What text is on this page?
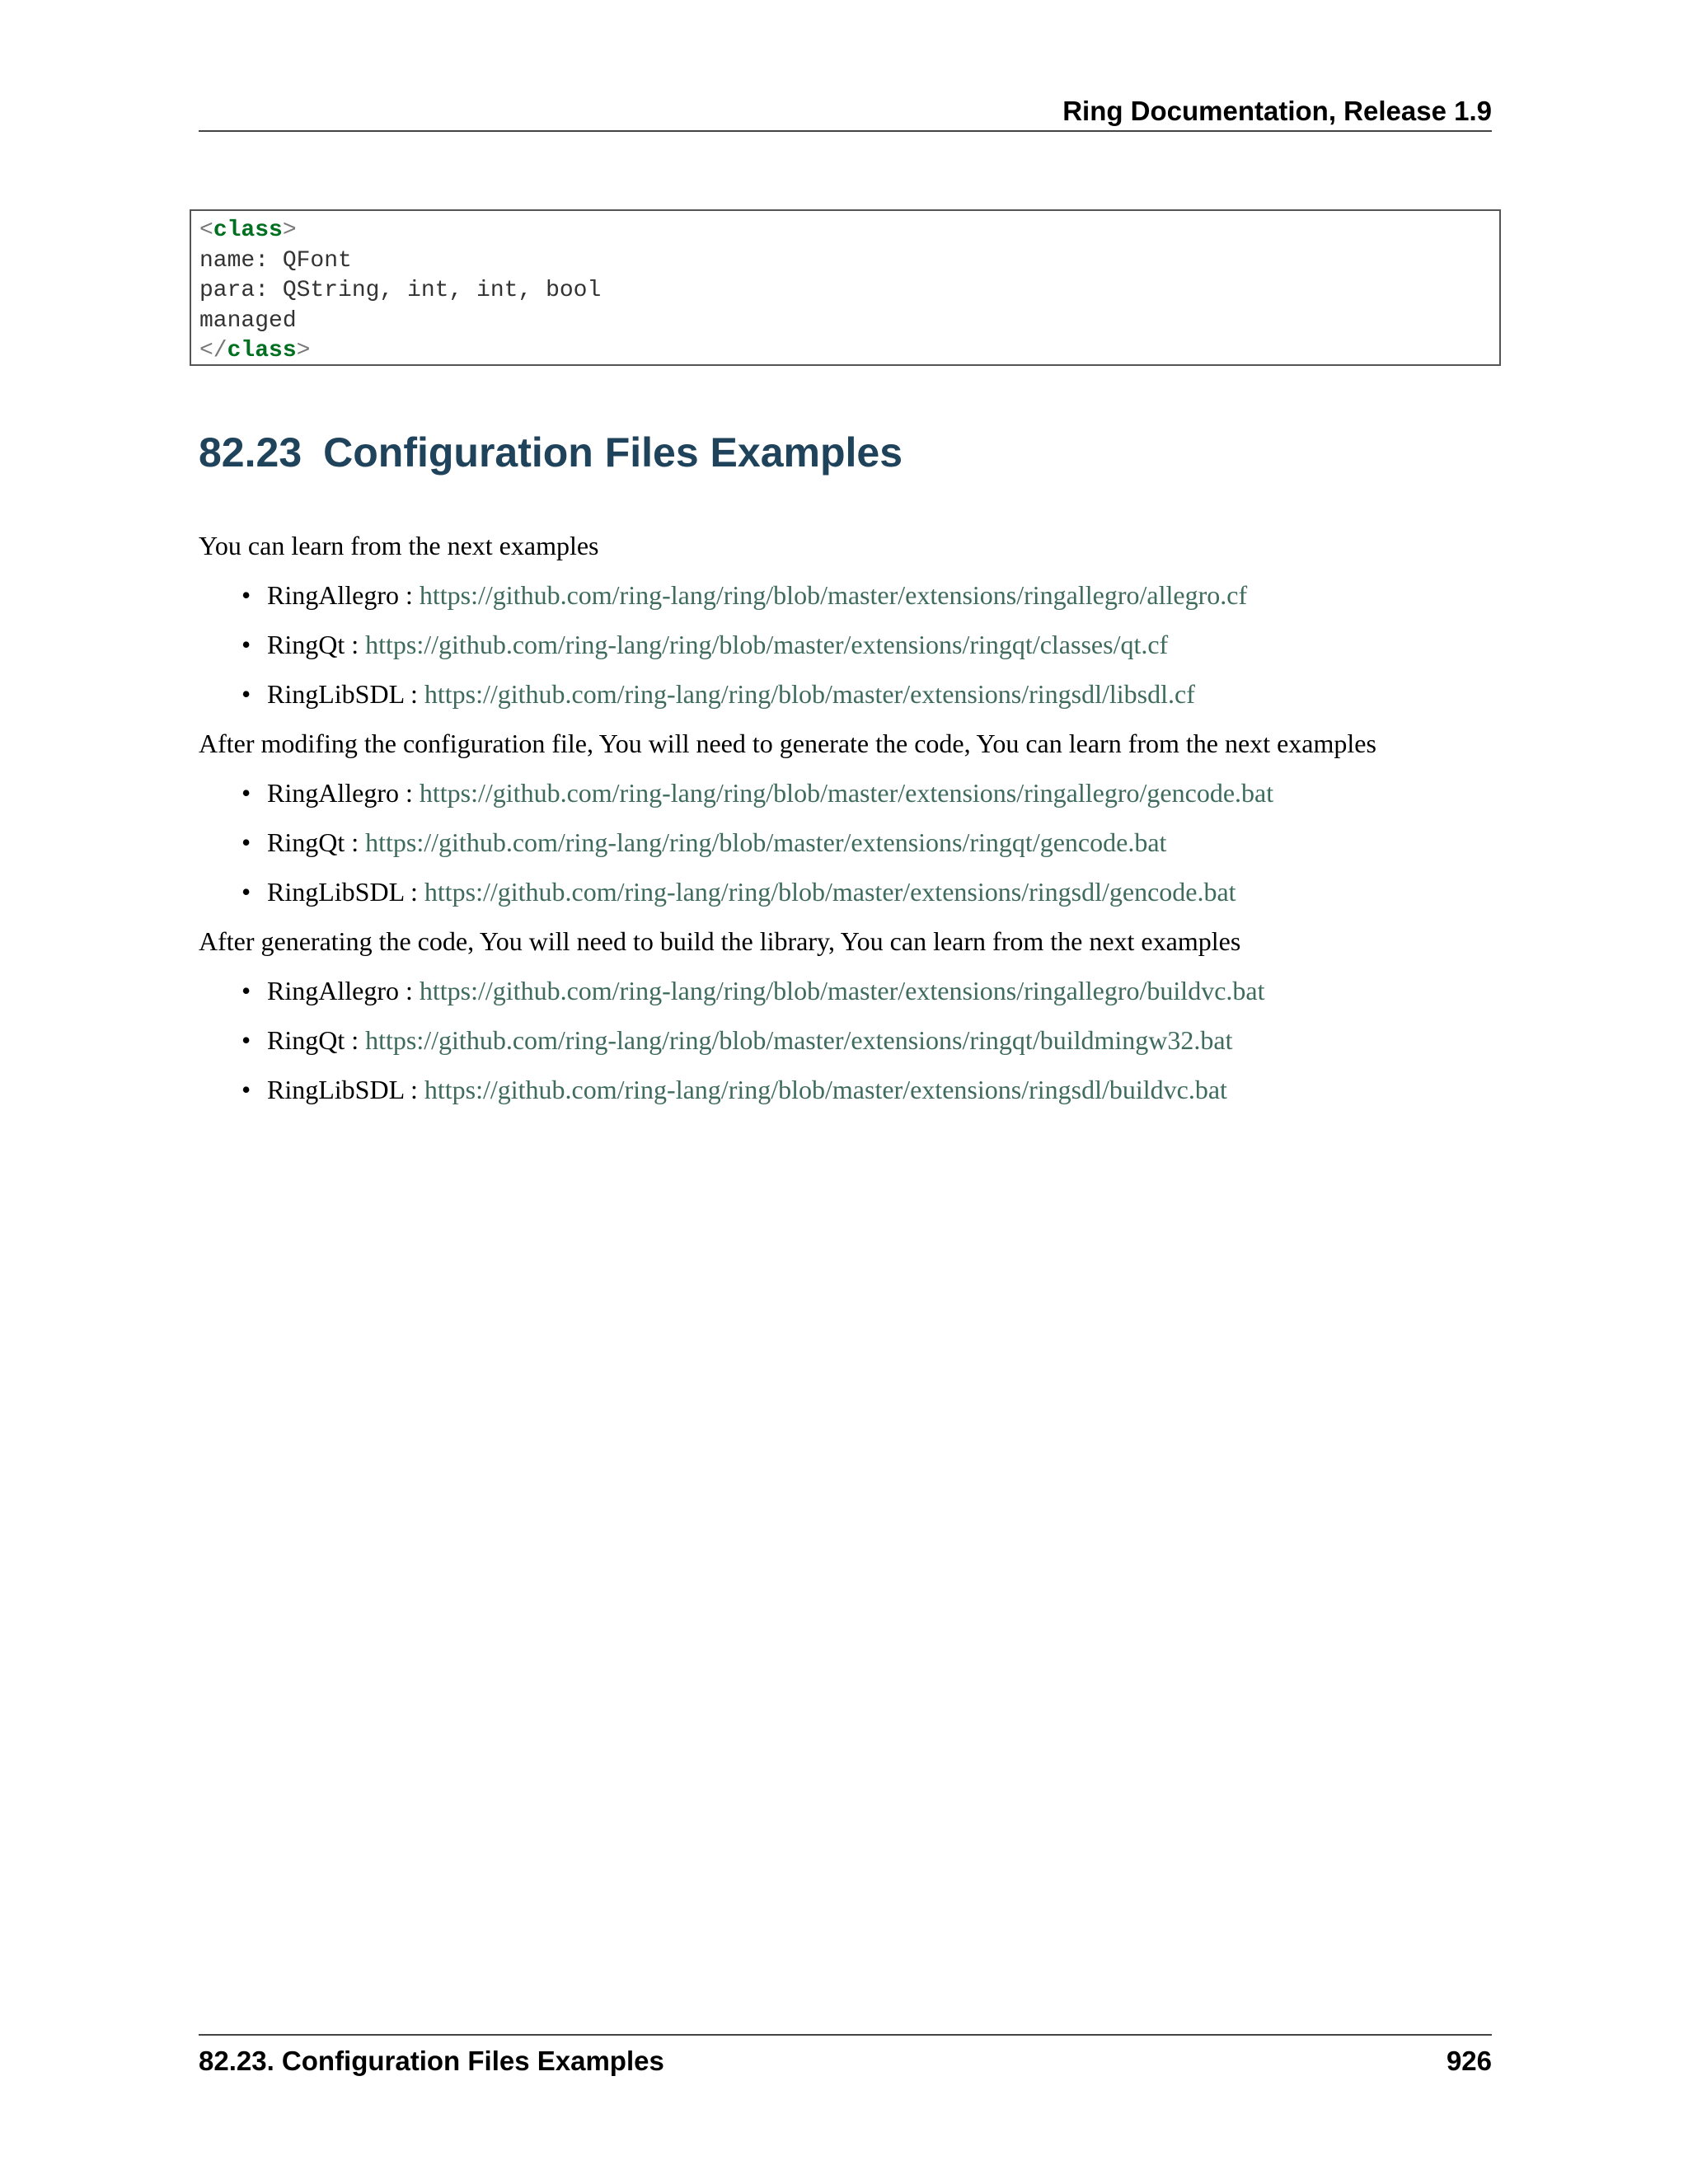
Ring Documentation, Release 1.9
<class>
name: QFont
para: QString, int, int, bool
managed
</class>
82.23 Configuration Files Examples

You can learn from the next examples

• RingAllegro : https://github.com/ring-lang/ring/blob/master/extensions/ringallegro/allegro.cf
• RingQt : https://github.com/ring-lang/ring/blob/master/extensions/ringqt/classes/qt.cf
• RingLibSDL : https://github.com/ring-lang/ring/blob/master/extensions/ringsdl/libsdl.cf

After modifing the configuration file, You will need to generate the code, You can learn from the next examples

• RingAllegro : https://github.com/ring-lang/ring/blob/master/extensions/ringallegro/gencode.bat
• RingQt : https://github.com/ring-lang/ring/blob/master/extensions/ringqt/gencode.bat
• RingLibSDL : https://github.com/ring-lang/ring/blob/master/extensions/ringsdl/gencode.bat

After generating the code, You will need to build the library, You can learn from the next examples

• RingAllegro : https://github.com/ring-lang/ring/blob/master/extensions/ringallegro/buildvc.bat
• RingQt : https://github.com/ring-lang/ring/blob/master/extensions/ringqt/buildmingw32.bat
• RingLibSDL : https://github.com/ring-lang/ring/blob/master/extensions/ringsdl/buildvc.bat
82.23. Configuration Files Examples	926
